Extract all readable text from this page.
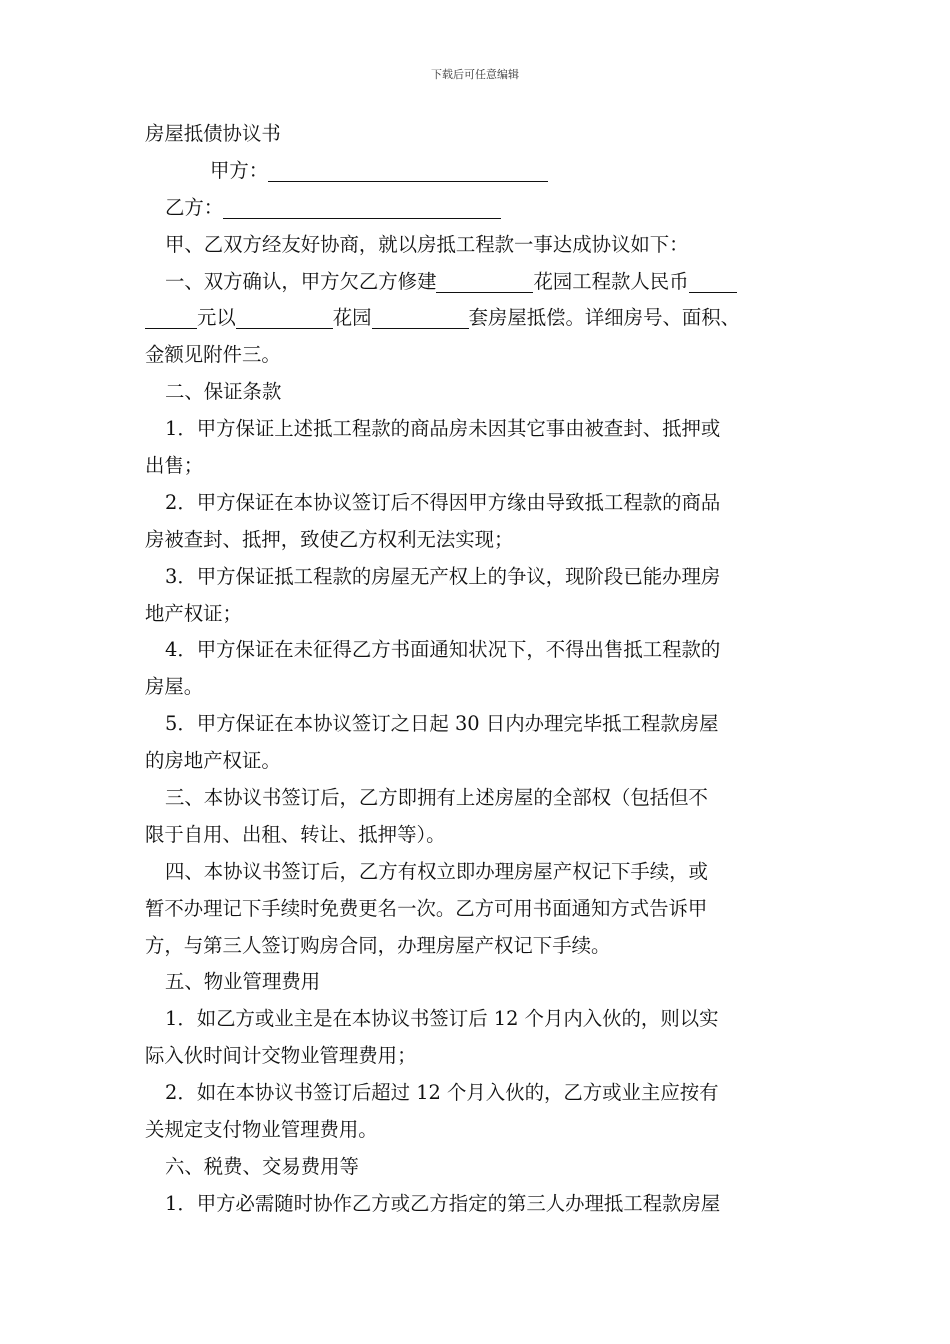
下载后可任意编辑
房屋抵债协议书
甲方：
乙方：
甲、乙双方经友好协商，就以房抵工程款一事达成协议如下：
一、双方确认，甲方欠乙方修建	花园工程款人民币
元以	花园	套房屋抵偿。详细房号、面积、
金额见附件三。
二、保证条款
1．甲方保证上述抵工程款的商品房未因其它事由被查封、抵押或
出售；
2．甲方保证在本协议签订后不得因甲方缘由导致抵工程款的商品
房被查封、抵押，致使乙方权利无法实现；
3．甲方保证抵工程款的房屋无产权上的争议，现阶段已能办理房
地产权证；
4．甲方保证在未征得乙方书面通知状况下，不得出售抵工程款的
房屋。
5．甲方保证在本协议签订之日起 30 日内办理完毕抵工程款房屋
的房地产权证。
三、本协议书签订后，乙方即拥有上述房屋的全部权（包括但不
限于自用、出租、转让、抵押等）。
四、本协议书签订后，乙方有权立即办理房屋产权记下手续，或
暂不办理记下手续时免费更名一次。乙方可用书面通知方式告诉甲
方，与第三人签订购房合同，办理房屋产权记下手续。
五、物业管理费用
1．如乙方或业主是在本协议书签订后 12 个月内入伙的，则以实
际入伙时间计交物业管理费用；
2．如在本协议书签订后超过 12 个月入伙的，乙方或业主应按有
关规定支付物业管理费用。
六、税费、交易费用等
1．甲方必需随时协作乙方或乙方指定的第三人办理抵工程款房屋
